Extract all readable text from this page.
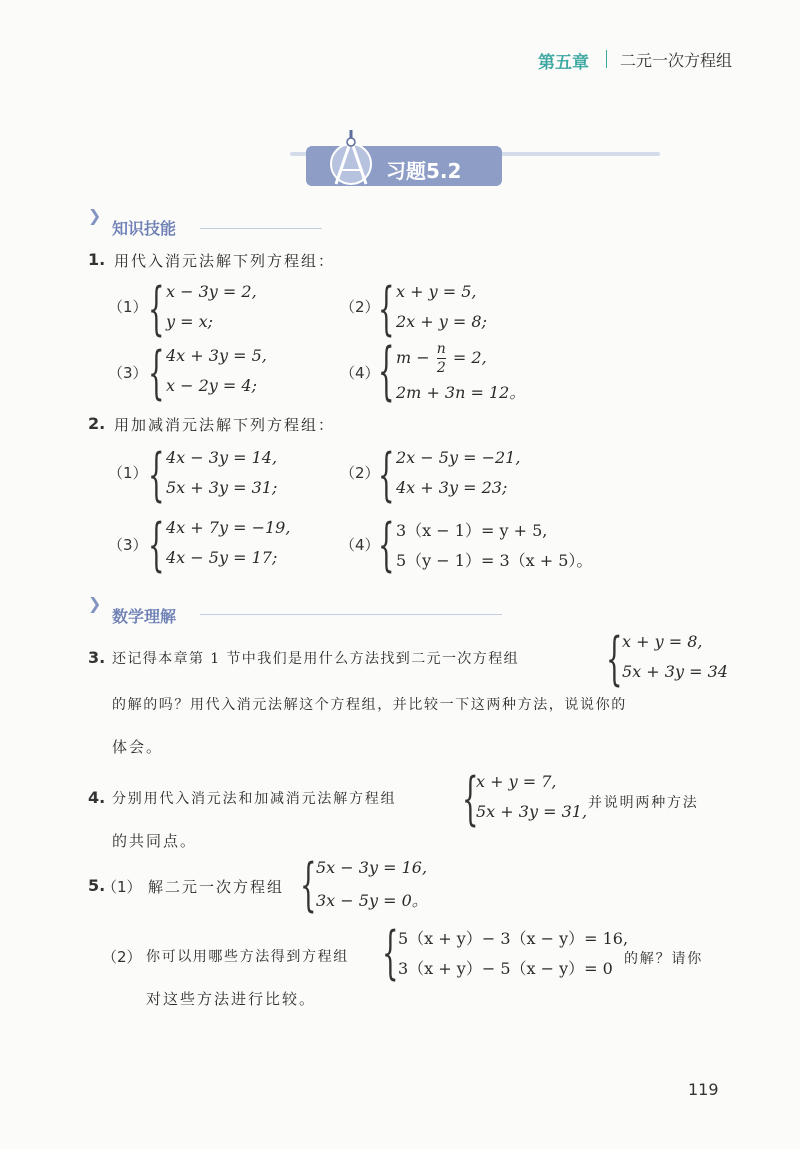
第五章 二元一次方程组
习题5.2
❯
知识技能
1. 用代入消元法解下列方程组：
（1） { x − 3y = 2,
y = x;
（2）
{ x + y = 5,
2x + y = 8;
（3） { 4x + 3y = 5,
x − 2y = 4;
（4）
{ $m - \frac{n}{2} = 2$,
2m + 3n = 12。
2. 用加减消元法解下列方程组：
（1） { 4x − 3y = 14,
5x + 3y = 31;
（2）
{ 2x − 5y = −21,
4x + 3y = 23;
（3） { 4x + 7y = −19,
4x − 5y = 17;
（4）
{ 3（x − 1）= y + 5,
5（y − 1）= 3（x + 5）。
❯
数学理解
3. 还记得本章第 1 节中我们是用什么方法找到二元一次方程组	{ x + y = 8,
5x + 3y = 34
的解的吗？用代入消元法解这个方程组，并比较一下这两种方法，说说你的
体会。
4. 分别用代入消元法和加减消元法解方程组	{
x + y = 7,
5x + 3y = 31, 并说明两种方法
的共同点。
5.
（1） 解二元一次方程组 { 5x − 3y = 16,
3x − 5y = 0。
（2） 你可以用哪些方法得到方程组 { 5（x + y）− 3（x − y）= 16,
3（x + y）− 5（x − y）= 0 的解？请你
对这些方法进行比较。
119
